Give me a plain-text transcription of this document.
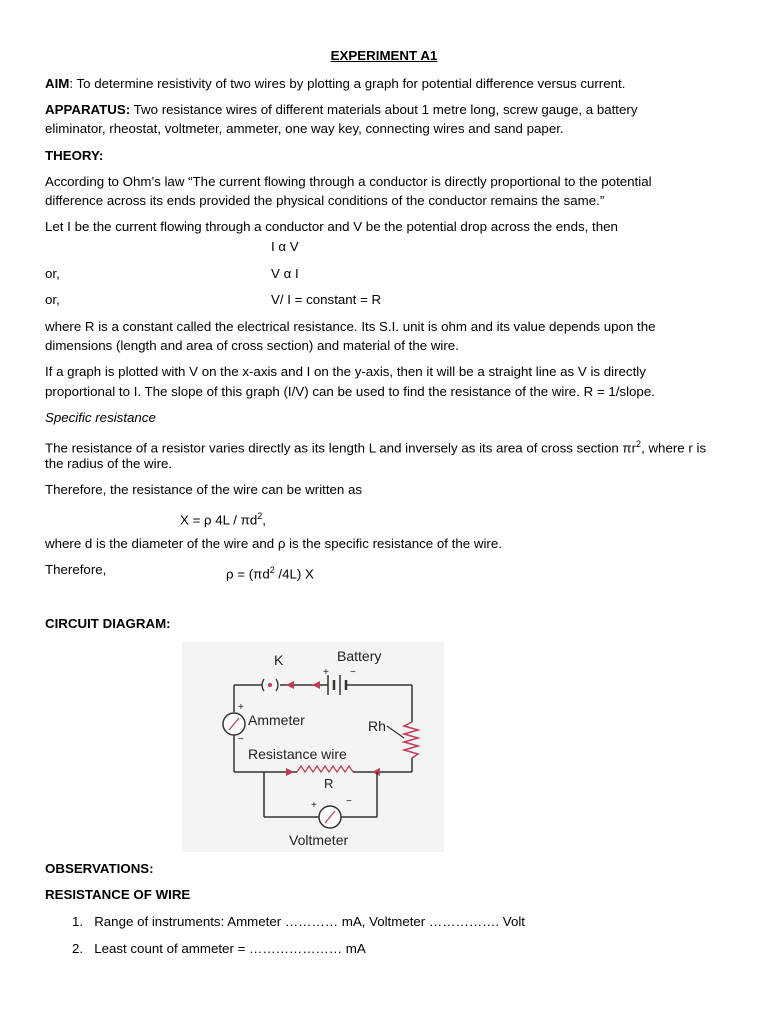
EXPERIMENT A1
AIM: To determine resistivity of two wires by plotting a graph for potential difference versus current.
APPARATUS: Two resistance wires of different materials about 1 metre long, screw gauge, a battery
eliminator, rheostat, voltmeter, ammeter, one way key, connecting wires and sand paper.
THEORY:
According to Ohm’s law “The current flowing through a conductor is directly proportional to the potential
difference across its ends provided the physical conditions of the conductor remains the same.”
Let I be the current flowing through a conductor and V be the potential drop across the ends, then
I α V
or,	V α I
or,	V/ I = constant = R
where R is a constant called the electrical resistance. Its S.I. unit is ohm and its value depends upon the
dimensions (length and area of cross section) and material of the wire.
If a graph is plotted with V on the x-axis and I on the y-axis, then it will be a straight line as V is directly
proportional to I. The slope of this graph (I/V) can be used to find the resistance of the wire. R = 1/slope.
Specific resistance
The resistance of a resistor varies directly as its length L and inversely as its area of cross section $\pi r^2$, where r is
the radius of the wire.
Therefore, the resistance of the wire can be written as
X = ρ $4L / \pi d^2$,
where d is the diameter of the wire and ρ is the specific resistance of the wire.
Therefore,	$\rho = (\pi d^2$ /4L) X
CIRCUIT DIAGRAM:
K	Battery
+ −
Ammeter
+
−
Rh
Resistance wire
R
+	−
Voltmeter
OBSERVATIONS:
RESISTANCE OF WIRE
1. Range of instruments: Ammeter ………… mA, Voltmeter ……………. Volt
2. Least count of ammeter = ………………… mA
